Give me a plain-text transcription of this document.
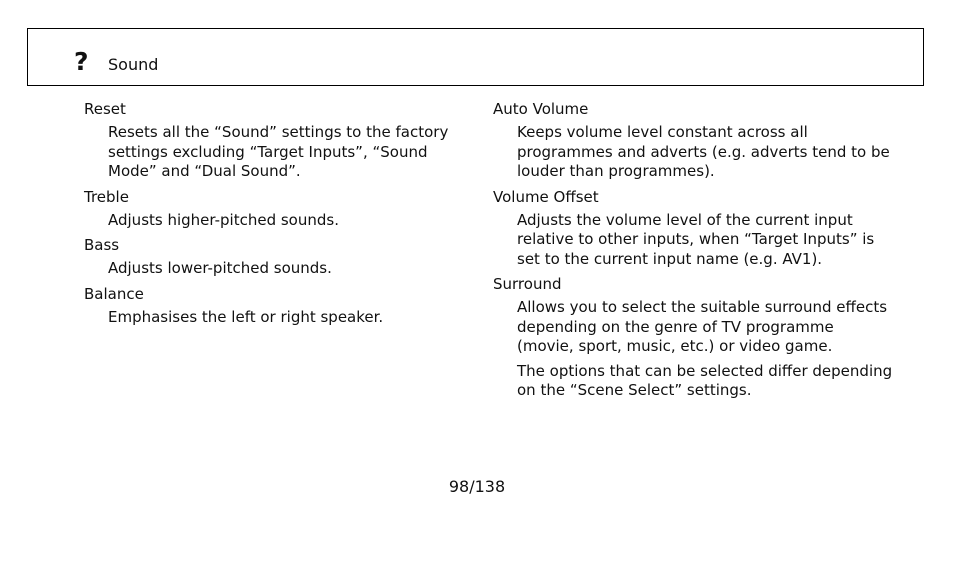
? Sound

Reset

Resets all the “Sound” settings to the factory settings excluding “Target Inputs”, “Sound Mode” and “Dual Sound”.

Treble

Adjusts higher-pitched sounds.

Bass

Adjusts lower-pitched sounds.

Balance

Emphasises the left or right speaker.

Auto Volume

Keeps volume level constant across all programmes and adverts (e.g. adverts tend to be louder than programmes).

Volume Offset

Adjusts the volume level of the current input relative to other inputs, when “Target Inputs” is set to the current input name (e.g. AV1).

Surround

Allows you to select the suitable surround effects depending on the genre of TV programme (movie, sport, music, etc.) or video game.

The options that can be selected differ depending on the “Scene Select” settings.

98/138
